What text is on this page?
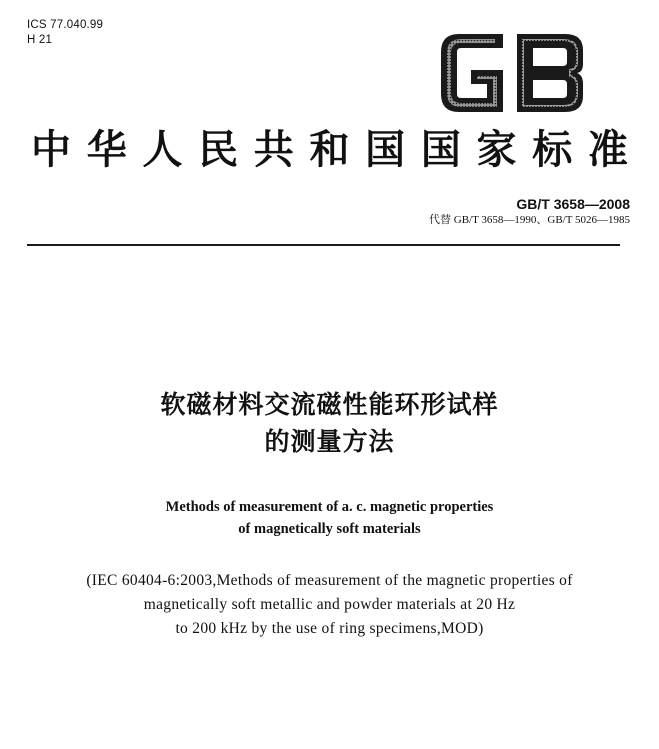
ICS 77.040.99
H 21
中 华 人 民 共 和 国 国 家 标 准
GB/T 3658—2008
代替 GB/T 3658—1990、GB/T 5026—1985
软磁材料交流磁性能环形试样
的测量方法
Methods of measurement of a. c. magnetic properties
of magnetically soft materials
(IEC 60404-6:2003,Methods of measurement of the magnetic properties of
magnetically soft metallic and powder materials at 20 Hz
to 200 kHz by the use of ring specimens,MOD)
